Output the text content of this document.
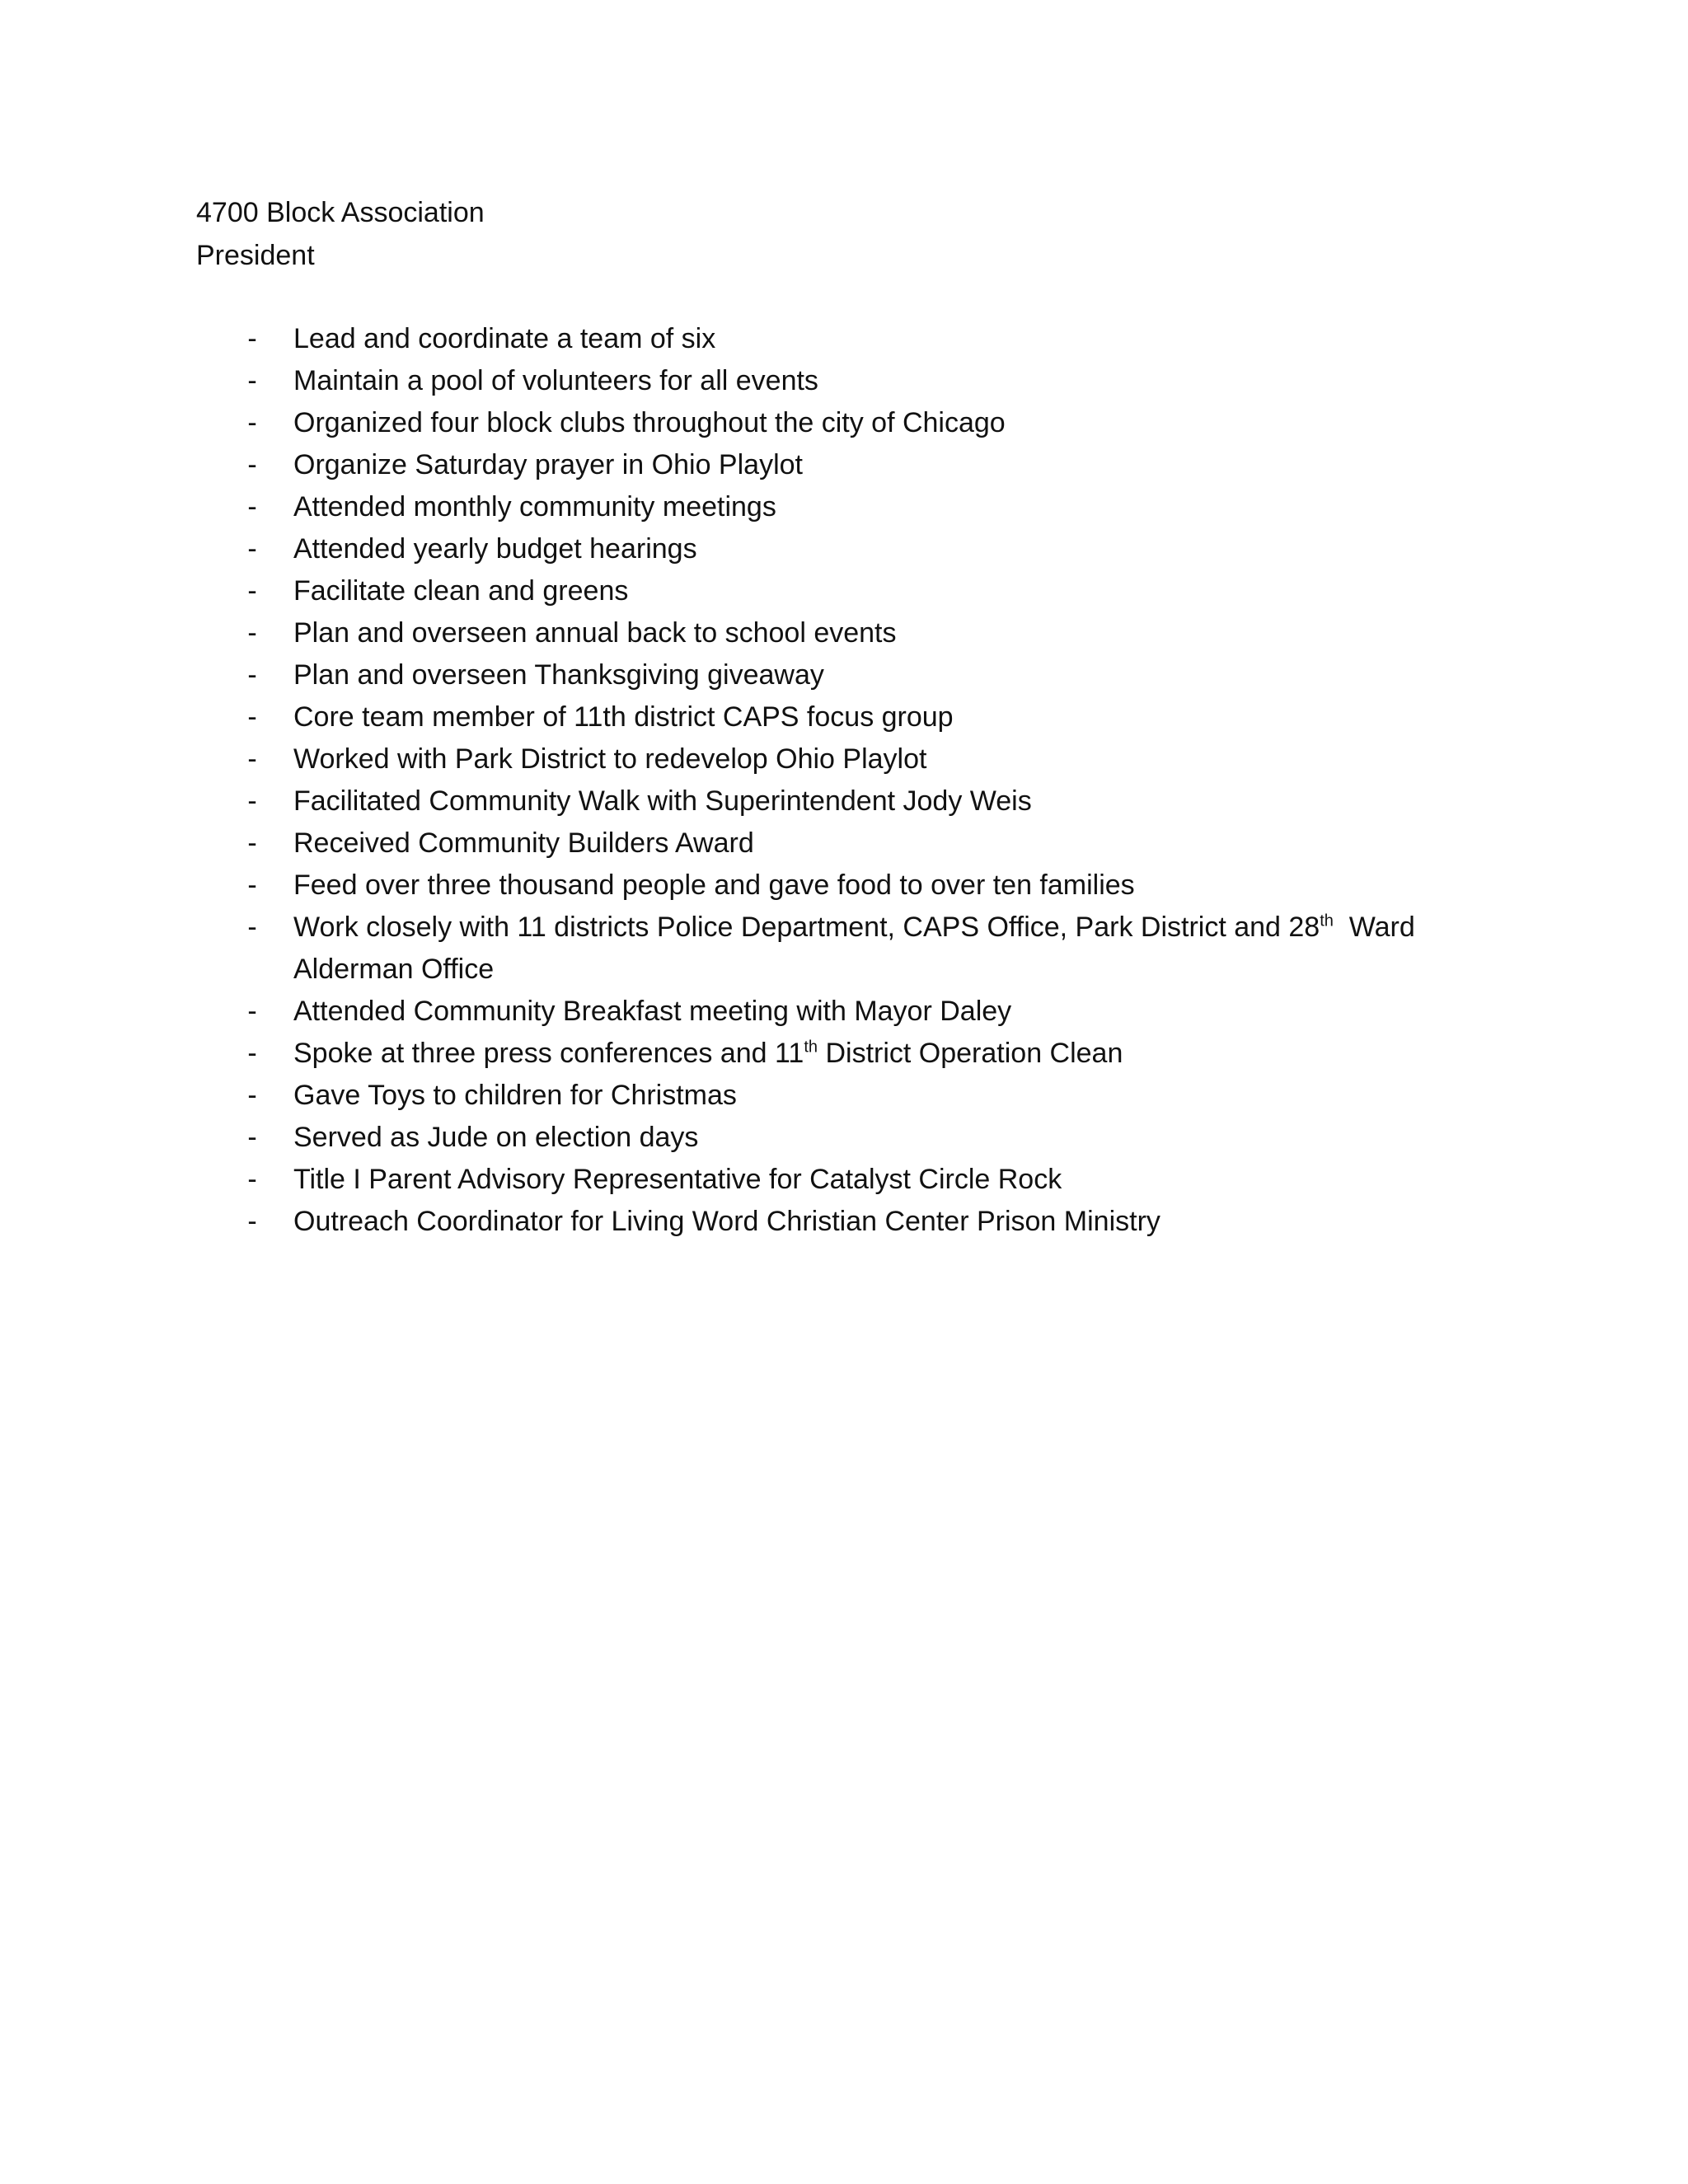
4700 Block Association
President
- Lead and coordinate a team of six
- Maintain a pool of volunteers for all events
- Organized four block clubs throughout the city of Chicago
- Organize Saturday prayer in Ohio Playlot
- Attended monthly community meetings
- Attended yearly budget hearings
- Facilitate clean and greens
- Plan and overseen annual back to school events
- Plan and overseen Thanksgiving giveaway
- Core team member of 11th district CAPS focus group
- Worked with Park District to redevelop Ohio Playlot
- Facilitated Community Walk with Superintendent Jody Weis
- Received Community Builders Award
- Feed over three thousand people and gave food to over ten families
- Work closely with 11 districts Police Department, CAPS Office, Park District and 28th  Ward Alderman Office
- Attended Community Breakfast meeting with Mayor Daley
- Spoke at three press conferences and 11th District Operation Clean
- Gave Toys to children for Christmas
- Served as Jude on election days
- Title I Parent Advisory Representative for Catalyst Circle Rock
- Outreach Coordinator for Living Word Christian Center Prison Ministry
